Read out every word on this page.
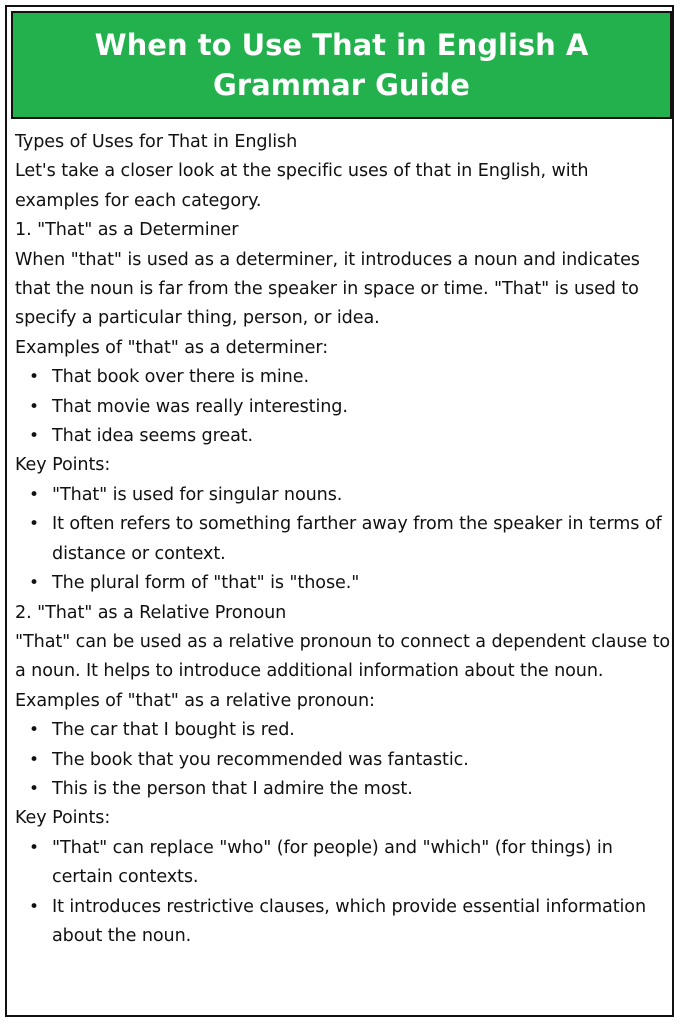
When to Use That in English A Grammar Guide

Types of Uses for That in English

Let's take a closer look at the specific uses of that in English, with examples for each category.

1. "That" as a Determiner

When "that" is used as a determiner, it introduces a noun and indicates that the noun is far from the speaker in space or time. "That" is used to specify a particular thing, person, or idea.

Examples of "that" as a determiner:

• That book over there is mine.
• That movie was really interesting.
• That idea seems great.

Key Points:

• "That" is used for singular nouns.
• It often refers to something farther away from the speaker in terms of distance or context.
• The plural form of "that" is "those."

2. "That" as a Relative Pronoun

"That" can be used as a relative pronoun to connect a dependent clause to a noun. It helps to introduce additional information about the noun.

Examples of "that" as a relative pronoun:

• The car that I bought is red.
• The book that you recommended was fantastic.
• This is the person that I admire the most.

Key Points:

• "That" can replace "who" (for people) and "which" (for things) in certain contexts.
• It introduces restrictive clauses, which provide essential information about the noun.
